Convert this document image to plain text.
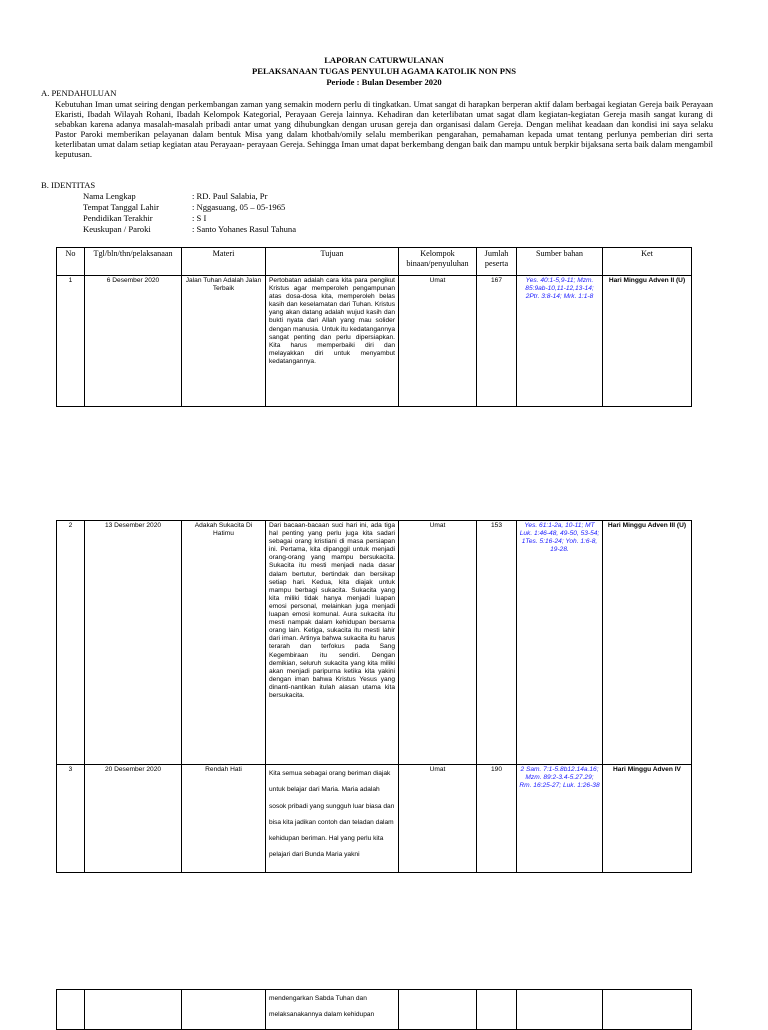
LAPORAN CATURWULANAN
PELAKSANAAN TUGAS PENYULUH AGAMA KATOLIK NON PNS
Periode : Bulan Desember 2020
A. PENDAHULUAN
Kebutuhan Iman umat seiring dengan perkembangan zaman yang semakin modern perlu di tingkatkan. Umat sangat di harapkan berperan aktif dalam berbagai kegiatan Gereja baik Perayaan Ekaristi, Ibadah Wilayah Rohani, Ibadah Kelompok Kategorial, Perayaan Gereja lainnya. Kehadiran dan keterlibatan umat sagat dlam kegiatan-kegiatan Gereja masih sangat kurang di sebabkan karena adanya masalah-masalah pribadi antar umat yang dihubungkan dengan urusan gereja dan organisasi dalam Gereja. Dengan melihat keadaan dan kondisi ini saya selaku Pastor Paroki memberikan pelayanan dalam bentuk Misa yang dalam khotbah/omily selalu memberikan pengarahan, pemahaman kepada umat tentang perlunya pemberian diri serta keterlibatan umat dalam setiap kegiatan atau Perayaan- perayaan Gereja. Sehingga Iman umat dapat berkembang dengan baik dan mampu untuk berpkir bijaksana serta baik dalam mengambil keputusan.
B. IDENTITAS
Nama Lengkap	: RD. Paul Salabia, Pr
Tempat Tanggal Lahir	: Nggasuang, 05 – 05-1965
Pendidikan Terakhir	: S I
Keuskupan / Paroki	: Santo Yohanes Rasul Tahuna
No	Tgl/bln/thn/pelaksanaan	Materi	Tujuan	Kelompok binaan/penyuluhan	Jumlah peserta	Sumber bahan	Ket
1	6 Desember 2020	Jalan Tuhan Adalah Jalan Terbaik	Pertobatan adalah cara kita para pengikut Kristus agar memperoleh pengampunan atas dosa-dosa kita, memperoleh belas kasih dan keselamatan dari Tuhan. Kristus yang akan datang adalah wujud kasih dan bukti nyata dari Allah yang mau solider dengan manusia. Untuk itu kedatangannya sangat penting dan perlu dipersiapkan. Kita harus memperbaiki diri dan melayakkan diri untuk menyambut kedatangannya.	Umat	167	Yes. 40:1-5,9-11; Mzm. 85:9ab-10,11-12,13-14; 2Ptr. 3:8-14; Mrk. 1:1-8	Hari Minggu Adven II (U)
2	13 Desember 2020	Adakah Sukacita Di Hatimu	Dari bacaan-bacaan suci hari ini, ada tiga hal penting yang perlu juga kita sadari sebagai orang kristiani di masa persiapan ini. Pertama, kita dipanggil untuk menjadi orang-orang yang mampu bersukacita. Sukacita itu mesti menjadi nada dasar dalam bertutur, bertindak dan bersikap setiap hari. Kedua, kita diajak untuk mampu berbagi sukacita. Sukacita yang kita miliki tidak hanya menjadi luapan emosi personal, melainkan juga menjadi luapan emosi komunal. Aura sukacita itu mesti nampak dalam kehidupan bersama orang lain. Ketiga, sukacita itu mesti lahir dari iman. Artinya bahwa sukacita itu harus terarah dan terfokus pada Sang Kegembiraan itu sendiri. Dengan demikian, seluruh sukacita yang kita miliki akan menjadi paripurna ketika kita yakini dengan iman bahwa Kristus Yesus yang dinanti-nantikan itulah alasan utama kita bersukacita.	Umat	153	Yes. 61:1-2a, 10-11; MT Luk. 1:46-48, 49-50, 53-54; 1Tes. 5:16-24; Yoh. 1:6-8, 19-28.	Hari Minggu Adven III (U)
3	20 Desember 2020	Rendah Hati	Kita semua sebagai orang beriman diajak untuk belajar dari Maria. Maria adalah sosok pribadi yang sungguh luar biasa dan bisa kita jadikan contoh dan teladan dalam kehidupan beriman. Hal yang perlu kita pelajari dari Bunda Maria yakni	Umat	190	2 Sam. 7:1-5.8b12.14a.16; Mzm. 89:2-3.4-5.27.29; Rm. 16:25-27; Luk. 1:26-38	Hari Minggu Adven IV
			mendengarkan Sabda Tuhan dan melaksanakannya dalam kehidupan				
